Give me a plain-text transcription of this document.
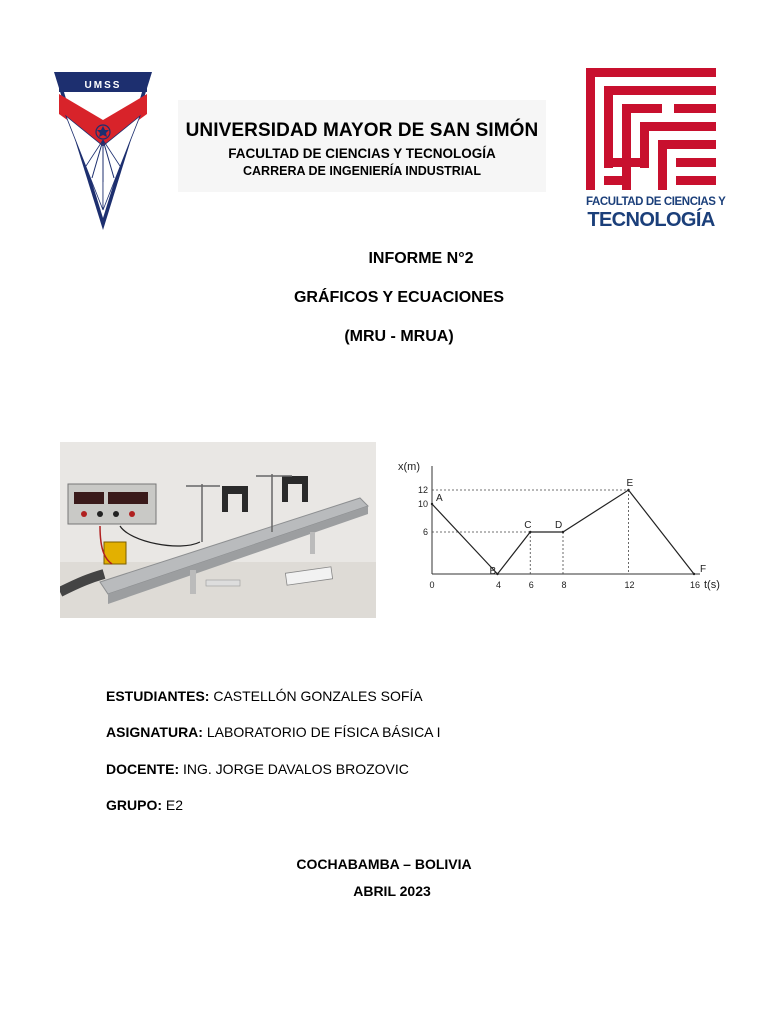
UMSS
UNIVERSIDAD MAYOR DE SAN SIMÓN
FACULTAD DE CIENCIAS Y TECNOLOGÍA
CARRERA DE INGENIERÍA INDUSTRIAL
FACULTAD DE CIENCIAS Y
TECNOLOGÍA
INFORME N°2
GRÁFICOS Y ECUACIONES
(MRU - MRUA)
x(m)
t(s)
12
10
6
0	4	6	8	12	16
A
B
C D
E
F
ESTUDIANTES: CASTELLÓN GONZALES SOFÍA
ASIGNATURA: LABORATORIO DE FÍSICA BÁSICA I
DOCENTE: ING. JORGE DAVALOS BROZOVIC
GRUPO: E2
COCHABAMBA – BOLIVIA
ABRIL 2023
